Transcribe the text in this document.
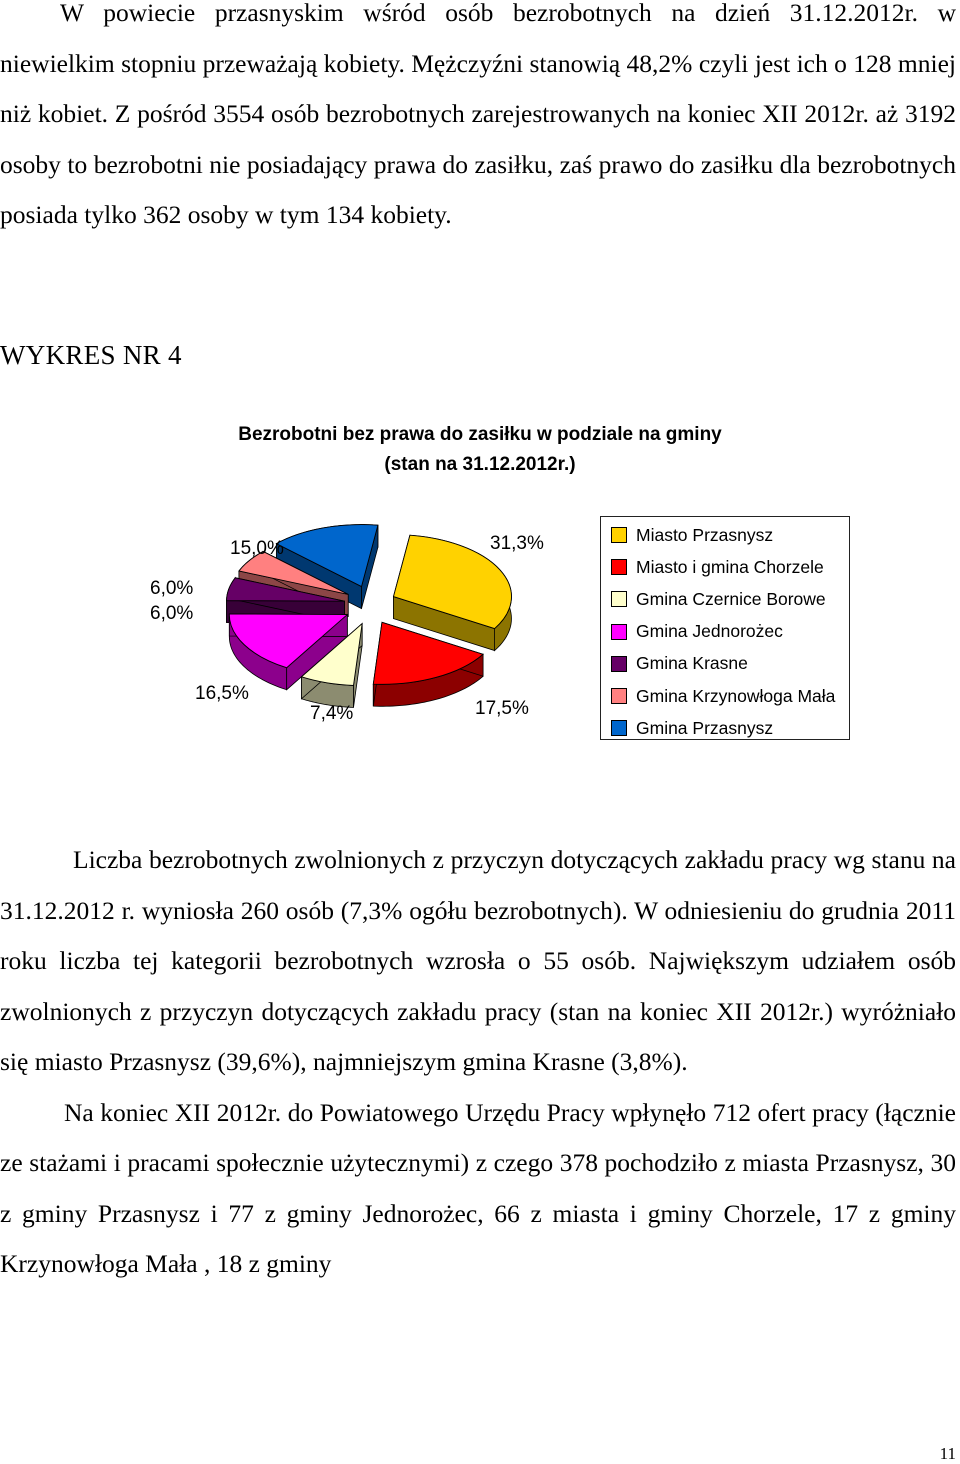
W powiecie przasnyskim wśród osób bezrobotnych na dzień 31.12.2012r. w niewielkim stopniu przeważają kobiety. Mężczyźni stanowią 48,2% czyli jest ich o 128 mniej niż kobiet. Z pośród 3554 osób bezrobotnych zarejestrowanych na koniec XII 2012r. aż 3192 osoby to bezrobotni nie posiadający prawa do zasiłku, zaś prawo do zasiłku dla bezrobotnych posiada tylko 362 osoby w tym 134 kobiety.

WYKRES NR 4
Bezrobotni bez prawa do zasiłku w podziale na gminy
(stan na 31.12.2012r.)
31,3%
17,5%
7,4%
16,5%
6,0%
6,0%
15,0%
Miasto Przasnysz
Miasto i gmina Chorzele
Gmina Czernice Borowe
Gmina Jednorożec
Gmina Krasne
Gmina Krzynowłoga Mała
Gmina Przasnysz

Liczba bezrobotnych zwolnionych z przyczyn dotyczących zakładu pracy wg stanu na 31.12.2012 r. wyniosła 260 osób (7,3% ogółu bezrobotnych). W odniesieniu do grudnia 2011 roku liczba tej kategorii bezrobotnych wzrosła o 55 osób. Największym udziałem osób zwolnionych z przyczyn dotyczących zakładu pracy (stan na koniec XII 2012r.) wyróżniało się miasto Przasnysz (39,6%), najmniejszym gmina Krasne (3,8%).

Na koniec XII 2012r. do Powiatowego Urzędu Pracy wpłynęło 712 ofert pracy (łącznie ze stażami i pracami społecznie użytecznymi) z czego 378 pochodziło z miasta Przasnysz, 30 z gminy Przasnysz i 77 z gminy Jednorożec, 66 z miasta i gminy Chorzele, 17 z gminy Krzynowłoga Mała , 18 z gminy

11
